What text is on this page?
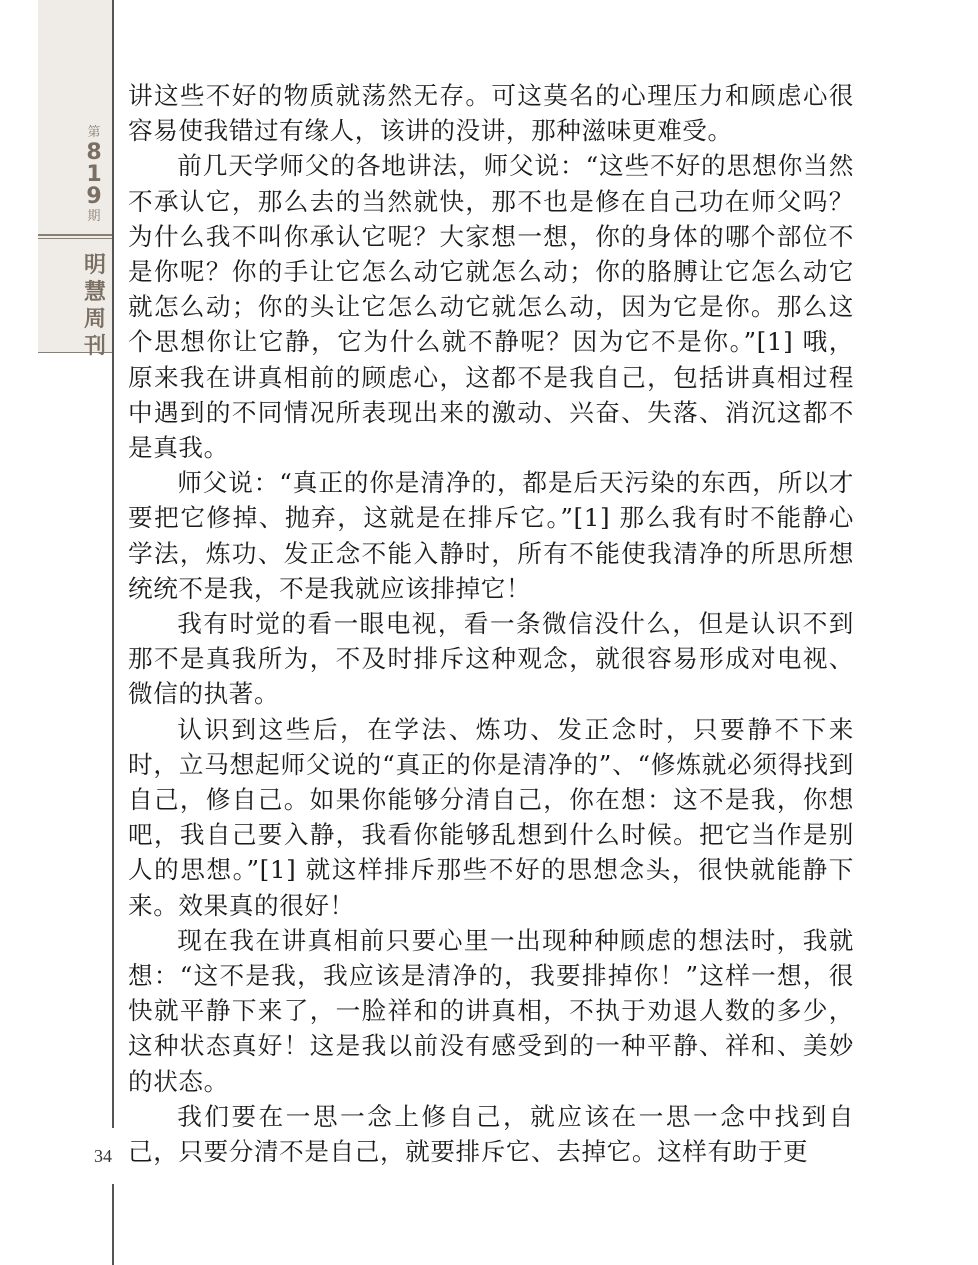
第
8
1
9
期
明
慧
周
刊

讲这些不好的物质就荡然无存。可这莫名的心理压力和顾虑心很容易使我错过有缘人，该讲的没讲，那种滋味更难受。

前几天学师父的各地讲法，师父说：“这些不好的思想你当然不承认它，那么去的当然就快，那不也是修在自己功在师父吗？为什么我不叫你承认它呢？大家想一想，你的身体的哪个部位不是你呢？你的手让它怎么动它就怎么动；你的胳膊让它怎么动它就怎么动；你的头让它怎么动它就怎么动，因为它是你。那么这个思想你让它静，它为什么就不静呢？因为它不是你。”[1] 哦，原来我在讲真相前的顾虑心，这都不是我自己，包括讲真相过程中遇到的不同情况所表现出来的激动、兴奋、失落、消沉这都不是真我。

师父说：“真正的你是清净的，都是后天污染的东西，所以才要把它修掉、抛弃，这就是在排斥它。”[1] 那么我有时不能静心学法，炼功、发正念不能入静时，所有不能使我清净的所思所想统统不是我，不是我就应该排掉它！

我有时觉的看一眼电视，看一条微信没什么，但是认识不到那不是真我所为，不及时排斥这种观念，就很容易形成对电视、微信的执著。

认识到这些后，在学法、炼功、发正念时，只要静不下来时，立马想起师父说的“真正的你是清净的”、“修炼就必须得找到自己，修自己。如果你能够分清自己，你在想：这不是我，你想吧，我自己要入静，我看你能够乱想到什么时候。把它当作是别人的思想。”[1] 就这样排斥那些不好的思想念头，很快就能静下来。效果真的很好！

现在我在讲真相前只要心里一出现种种顾虑的想法时，我就想：“这不是我，我应该是清净的，我要排掉你！”这样一想，很快就平静下来了，一脸祥和的讲真相，不执于劝退人数的多少，这种状态真好！这是我以前没有感受到的一种平静、祥和、美妙的状态。

我们要在一思一念上修自己，就应该在一思一念中找到自己，只要分清不是自己，就要排斥它、去掉它。这样有助于更

34
